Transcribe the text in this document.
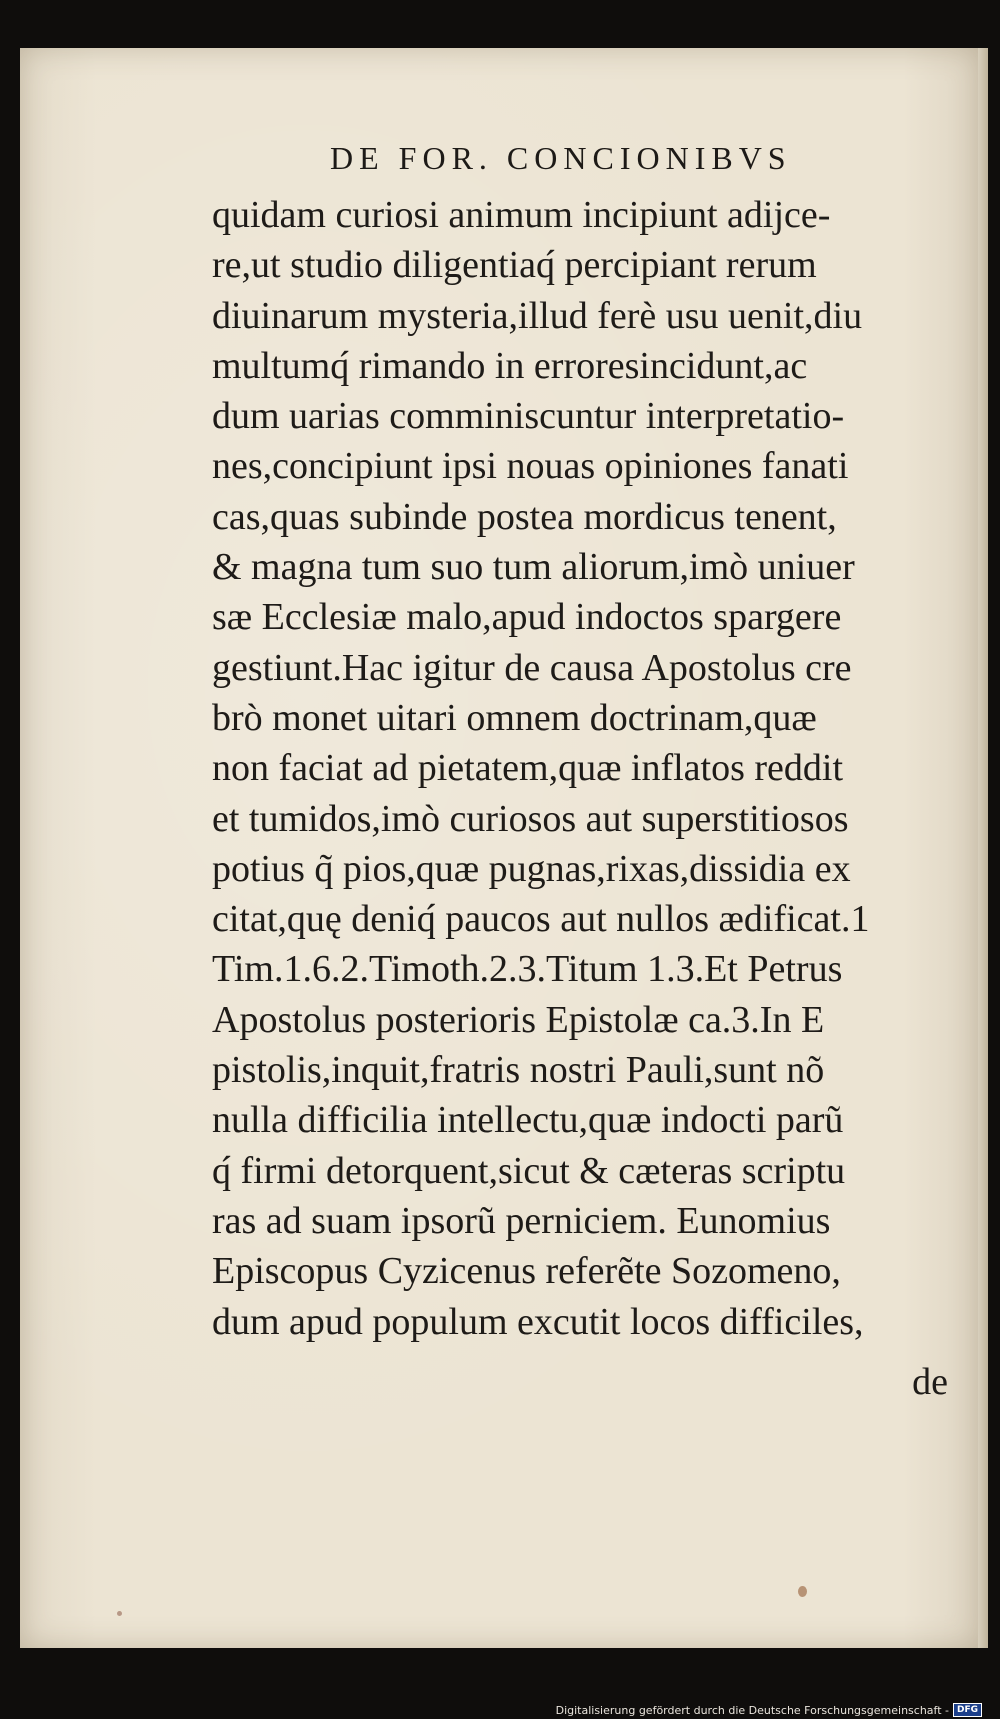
DE FOR. CONCIONIBVS
quidam curiosi animum incipiunt adijce-
re,ut studio diligentiaq́ percipiant rerum
diuinarum mysteria,illud ferè usu uenit,diu
multumq́ rimando in erroresincidunt,ac
dum uarias comminiscuntur interpretatio-
nes,concipiunt ipsi nouas opiniones fanati
cas,quas subinde postea mordicus tenent,
& magna tum suo tum aliorum,imò uniuer
sæ Ecclesiæ malo,apud indoctos spargere
gestiunt.Hac igitur de causa Apostolus cre
brò monet uitari omnem doctrinam,quæ
non faciat ad pietatem,quæ inflatos reddit
et tumidos,imò curiosos aut superstitiosos
potius q̃ pios,quæ pugnas,rixas,dissidia ex
citat,quę deniq́ paucos aut nullos ædificat.1
Tim.1.6.2.Timoth.2.3.Titum 1.3.Et Petrus
Apostolus posterioris Epistolæ ca.3.In E
pistolis,inquit,fratris nostri Pauli,sunt nõ
nulla difficilia intellectu,quæ indocti parũ
q́ firmi detorquent,sicut & cæteras scriptu
ras ad suam ipsorũ perniciem. Eunomius
Episcopus Cyzicenus referẽte Sozomeno,
dum apud populum excutit locos difficiles,
de
Digitalisierung gefördert durch die Deutsche Forschungsgemeinschaft - DFG
